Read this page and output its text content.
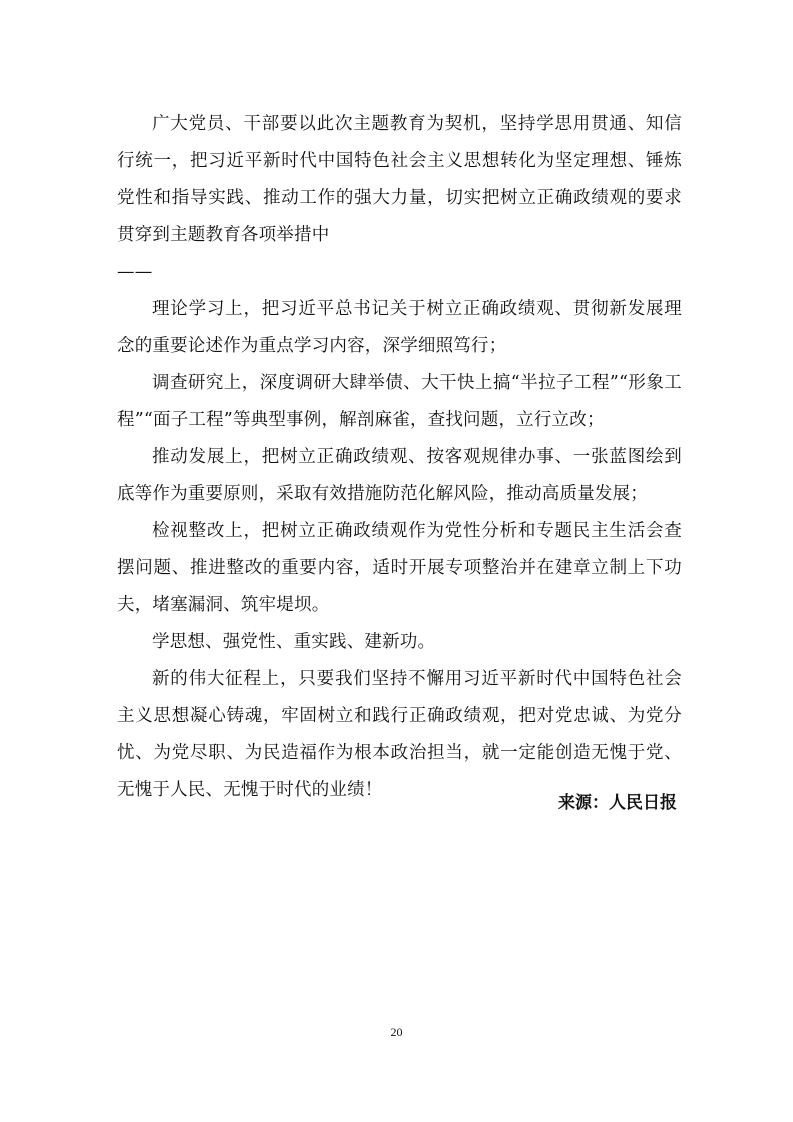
广大党员、干部要以此次主题教育为契机，坚持学思用贯通、知信行统一，把习近平新时代中国特色社会主义思想转化为坚定理想、锤炼党性和指导实践、推动工作的强大力量，切实把树立正确政绩观的要求贯穿到主题教育各项举措中

——

理论学习上，把习近平总书记关于树立正确政绩观、贯彻新发展理念的重要论述作为重点学习内容，深学细照笃行；

调查研究上，深度调研大肆举债、大干快上搞“半拉子工程”“形象工程”“面子工程”等典型事例，解剖麻雀，查找问题，立行立改；

推动发展上，把树立正确政绩观、按客观规律办事、一张蓝图绘到底等作为重要原则，采取有效措施防范化解风险，推动高质量发展；

检视整改上，把树立正确政绩观作为党性分析和专题民主生活会查摆问题、推进整改的重要内容，适时开展专项整治并在建章立制上下功夫，堵塞漏洞、筑牢堤坝。

学思想、强党性、重实践、建新功。

新的伟大征程上，只要我们坚持不懈用习近平新时代中国特色社会主义思想凝心铸魂，牢固树立和践行正确政绩观，把对党忠诚、为党分忧、为党尽职、为民造福作为根本政治担当，就一定能创造无愧于党、无愧于人民、无愧于时代的业绩！

来源：人民日报

20
